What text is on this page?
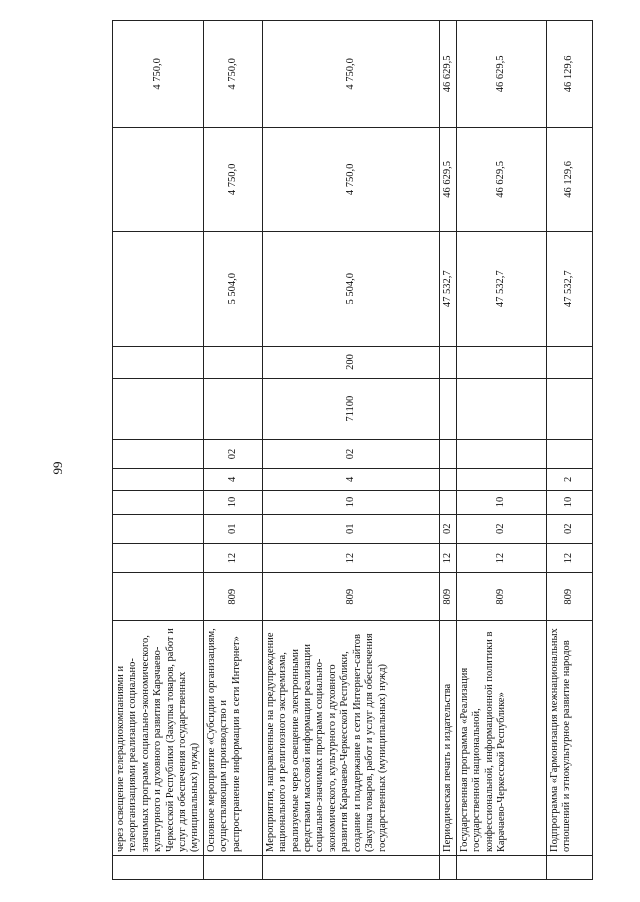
99
	через освещение телерадиокомпаниями и телеорганизациями реализации социально-значимых программ социально-экономического, культурного и духовного развития Карачаево-Черкесской Республики (Закупка товаров, работ и услуг для обеспечения государственных (муниципальных) нужд)											4 750,0
	Основное мероприятие «Субсидии организациям, осуществляющим производство и распространение информации в сети Интернет»	809	12	01	10	4	02			5 504,0	4 750,0	4 750,0
	Мероприятия, направленные на предупреждение национального и религиозного экстремизма, реализуемые через освещение электронными средствами массовой информации реализации социально-значимых программ социально-экономического, культурного и духовного развития Карачаево-Черкесской Республики, создание и поддержание в сети Интернет-сайтов (Закупка товаров, работ и услуг для обеспечения государственных (муниципальных) нужд)	809	12	01	10	4	02	71100	200	5 504,0	4 750,0	4 750,0
	Периодическая печать и издательства	809	12	02						47 532,7	46 629,5	46 629,5
	Государственная программа «Реализация государственной национальной, конфессиональной, информационной политики в Карачаево-Черкесской Республике»	809	12	02	10					47 532,7	46 629,5	46 629,5
	Подпрограмма «Гармонизация межнациональных отношений и этнокультурное развитие народов	809	12	02	10	2				47 532,7	46 129,6	46 129,6
